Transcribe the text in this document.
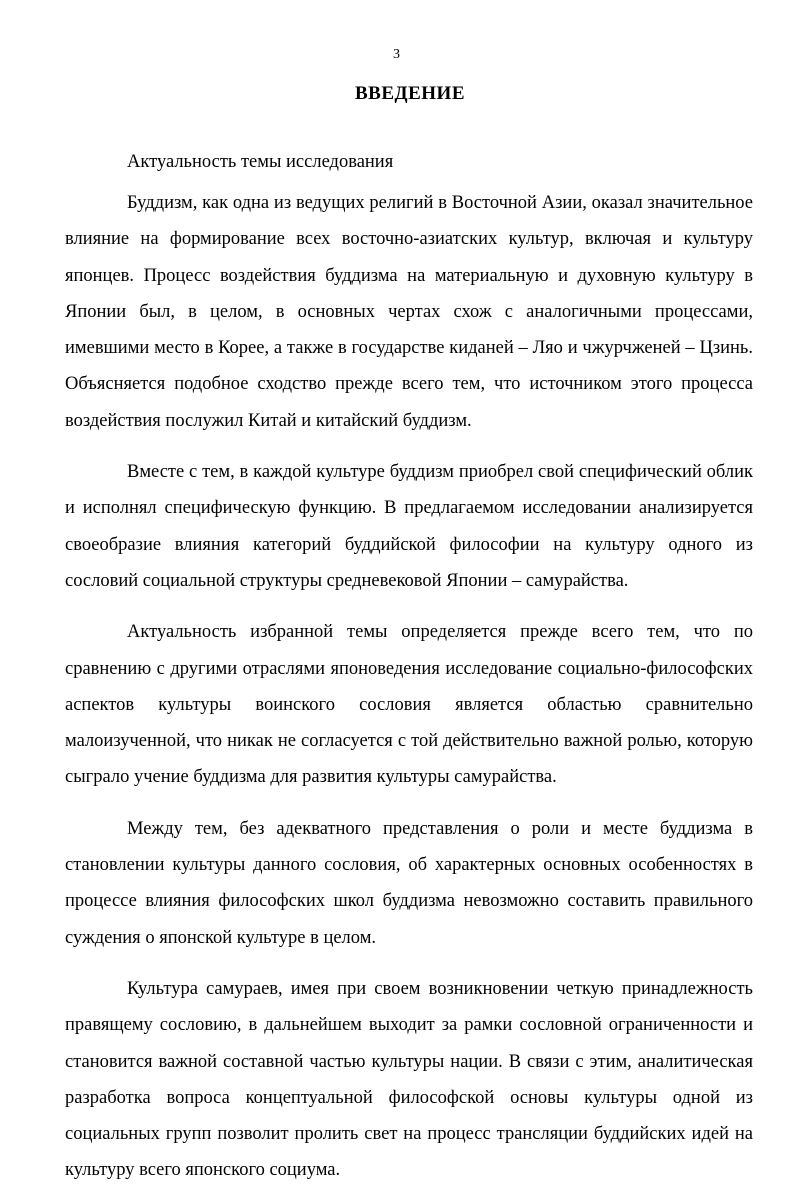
3
ВВЕДЕНИЕ
Актуальность темы исследования

Буддизм, как одна из ведущих религий в Восточной Азии, оказал значительное влияние на формирование всех восточно-азиатских культур, включая и культуру японцев. Процесс воздействия буддизма на материальную и духовную культуру в Японии был, в целом, в основных чертах схож с аналогичными процессами, имевшими место в Корее, а также в государстве киданей – Ляо и чжурчженей – Цзинь. Объясняется подобное сходство прежде всего тем, что источником этого процесса воздействия послужил Китай и китайский буддизм.

Вместе с тем, в каждой культуре буддизм приобрел свой специфический облик и исполнял специфическую функцию. В предлагаемом исследовании анализируется своеобразие влияния категорий буддийской философии на культуру одного из сословий социальной структуры средневековой Японии – самурайства.

Актуальность избранной темы определяется прежде всего тем, что по сравнению с другими отраслями японоведения исследование социально-философских аспектов культуры воинского сословия является областью сравнительно малоизученной, что никак не согласуется с той действительно важной ролью, которую сыграло учение буддизма для развития культуры самурайства.

Между тем, без адекватного представления о роли и месте буддизма в становлении культуры данного сословия, об характерных основных особенностях в процессе влияния философских школ буддизма невозможно составить правильного суждения о японской культуре в целом.

Культура самураев, имея при своем возникновении четкую принадлежность правящему сословию, в дальнейшем выходит за рамки сословной ограниченности и становится важной составной частью культуры нации. В связи с этим, аналитическая разработка вопроса концептуальной философской основы культуры одной из социальных групп позволит пролить свет на процесс трансляции буддийских идей на культуру всего японского социума.
